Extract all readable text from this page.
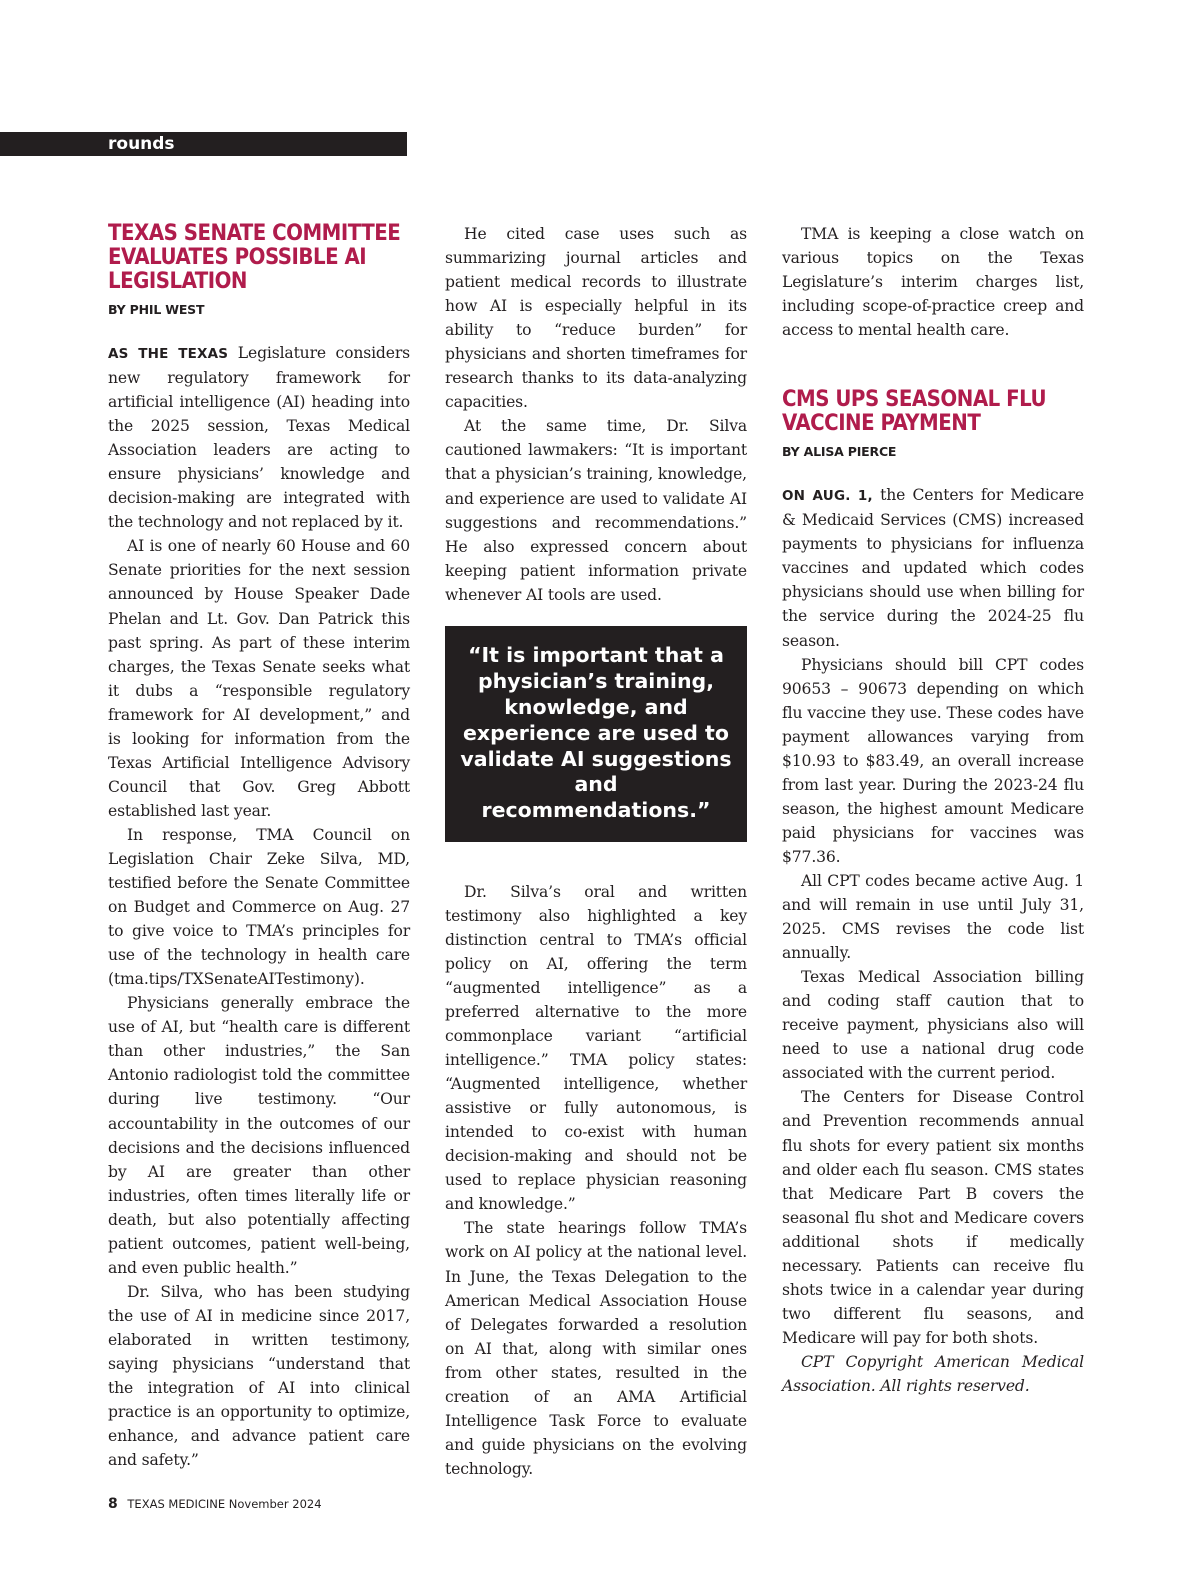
rounds
TEXAS SENATE COMMITTEE EVALUATES POSSIBLE AI LEGISLATION
BY PHIL WEST

AS THE TEXAS Legislature considers new regulatory framework for artificial intelligence (AI) heading into the 2025 session, Texas Medical Association leaders are acting to ensure physicians’ knowledge and decision-making are integrated with the technology and not replaced by it.

AI is one of nearly 60 House and 60 Senate priorities for the next session announced by House Speaker Dade Phelan and Lt. Gov. Dan Patrick this past spring. As part of these interim charges, the Texas Senate seeks what it dubs a “responsible regulatory framework for AI development,” and is looking for information from the Texas Artificial Intelligence Advisory Council that Gov. Greg Abbott established last year.

In response, TMA Council on Legislation Chair Zeke Silva, MD, testified before the Senate Committee on Budget and Commerce on Aug. 27 to give voice to TMA’s principles for use of the technology in health care (tma.tips/TXSenateAITestimony).

Physicians generally embrace the use of AI, but “health care is different than other industries,” the San Antonio radiologist told the committee during live testimony. “Our accountability in the outcomes of our decisions and the decisions influenced by AI are greater than other industries, often times literally life or death, but also potentially affecting patient outcomes, patient well-being, and even public health.”

Dr. Silva, who has been studying the use of AI in medicine since 2017, elaborated in written testimony, saying physicians “understand that the integration of AI into clinical practice is an opportunity to optimize, enhance, and advance patient care and safety.”

He cited case uses such as summarizing journal articles and patient medical records to illustrate how AI is especially helpful in its ability to “reduce burden” for physicians and shorten timeframes for research thanks to its data-analyzing capacities.

At the same time, Dr. Silva cautioned lawmakers: “It is important that a physician’s training, knowledge, and experience are used to validate AI suggestions and recommendations.” He also expressed concern about keeping patient information private whenever AI tools are used.

“It is important that a physician’s training, knowledge, and experience are used to validate AI suggestions and recommendations.”

Dr. Silva’s oral and written testimony also highlighted a key distinction central to TMA’s official policy on AI, offering the term “augmented intelligence” as a preferred alternative to the more commonplace variant “artificial intelligence.” TMA policy states: “Augmented intelligence, whether assistive or fully autonomous, is intended to co-exist with human decision-making and should not be used to replace physician reasoning and knowledge.”

The state hearings follow TMA’s work on AI policy at the national level. In June, the Texas Delegation to the American Medical Association House of Delegates forwarded a resolution on AI that, along with similar ones from other states, resulted in the creation of an AMA Artificial Intelligence Task Force to evaluate and guide physicians on the evolving technology.

TMA is keeping a close watch on various topics on the Texas Legislature’s interim charges list, including scope-of-practice creep and access to mental health care.

CMS UPS SEASONAL FLU VACCINE PAYMENT
BY ALISA PIERCE

ON AUG. 1, the Centers for Medicare & Medicaid Services (CMS) increased payments to physicians for influenza vaccines and updated which codes physicians should use when billing for the service during the 2024-25 flu season.

Physicians should bill CPT codes 90653 – 90673 depending on which flu vaccine they use. These codes have payment allowances varying from $10.93 to $83.49, an overall increase from last year. During the 2023-24 flu season, the highest amount Medicare paid physicians for vaccines was $77.36.

All CPT codes became active Aug. 1 and will remain in use until July 31, 2025. CMS revises the code list annually.

Texas Medical Association billing and coding staff caution that to receive payment, physicians also will need to use a national drug code associated with the current period.

The Centers for Disease Control and Prevention recommends annual flu shots for every patient six months and older each flu season. CMS states that Medicare Part B covers the seasonal flu shot and Medicare covers additional shots if medically necessary. Patients can receive flu shots twice in a calendar year during two different flu seasons, and Medicare will pay for both shots.

CPT Copyright American Medical Association. All rights reserved.

8 TEXAS MEDICINE November 2024
